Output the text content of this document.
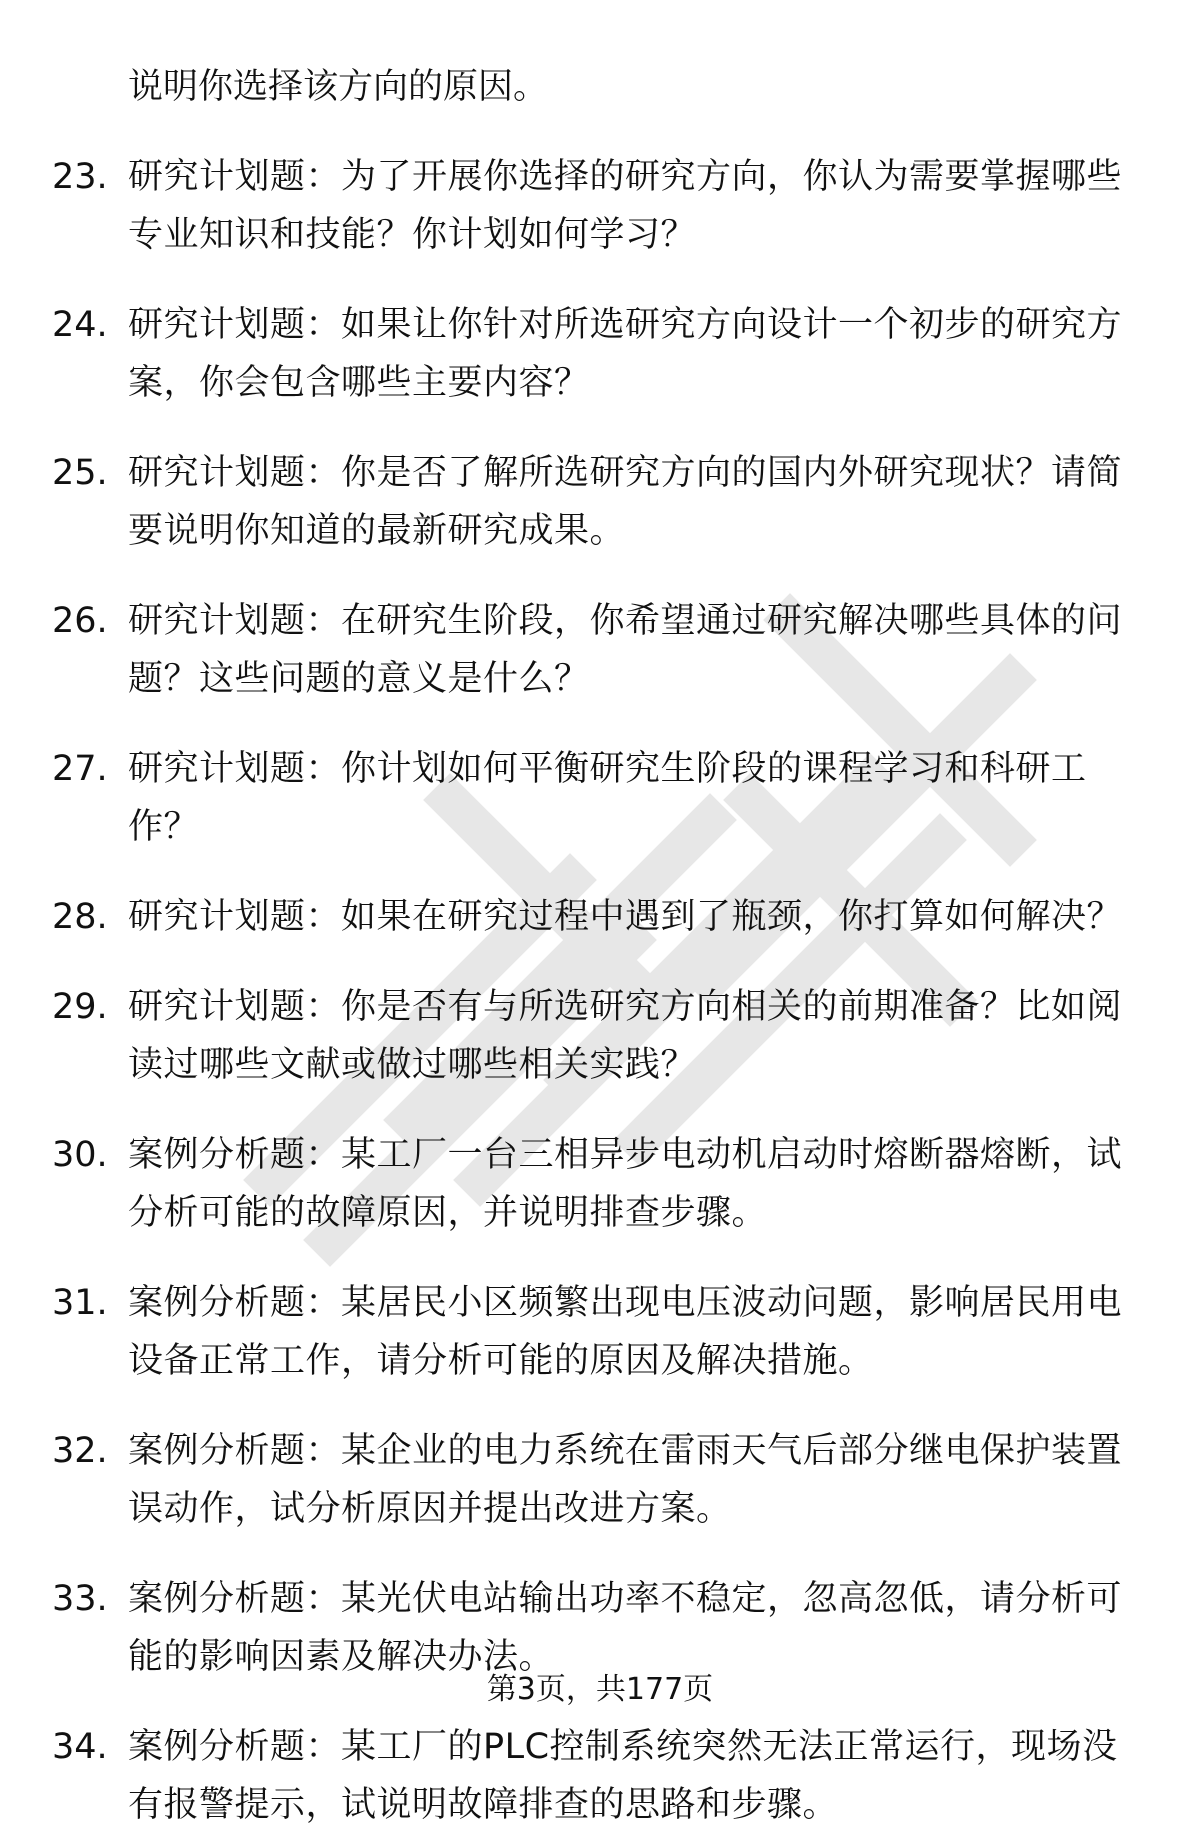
说明你选择该方向的原因。

23. 研究计划题：为了开展你选择的研究方向，你认为需要掌握哪些专业知识和技能？你计划如何学习？
24. 研究计划题：如果让你针对所选研究方向设计一个初步的研究方案，你会包含哪些主要内容？
25. 研究计划题：你是否了解所选研究方向的国内外研究现状？请简要说明你知道的最新研究成果。
26. 研究计划题：在研究生阶段，你希望通过研究解决哪些具体的问题？这些问题的意义是什么？
27. 研究计划题：你计划如何平衡研究生阶段的课程学习和科研工作？
28. 研究计划题：如果在研究过程中遇到了瓶颈，你打算如何解决？
29. 研究计划题：你是否有与所选研究方向相关的前期准备？比如阅读过哪些文献或做过哪些相关实践？
30. 案例分析题：某工厂一台三相异步电动机启动时熔断器熔断，试分析可能的故障原因，并说明排查步骤。
31. 案例分析题：某居民小区频繁出现电压波动问题，影响居民用电设备正常工作，请分析可能的原因及解决措施。
32. 案例分析题：某企业的电力系统在雷雨天气后部分继电保护装置误动作，试分析原因并提出改进方案。
33. 案例分析题：某光伏电站输出功率不稳定，忽高忽低，请分析可能的影响因素及解决办法。
34. 案例分析题：某工厂的PLC控制系统突然无法正常运行，现场没有报警提示，试说明故障排查的思路和步骤。
第3页，共177页
